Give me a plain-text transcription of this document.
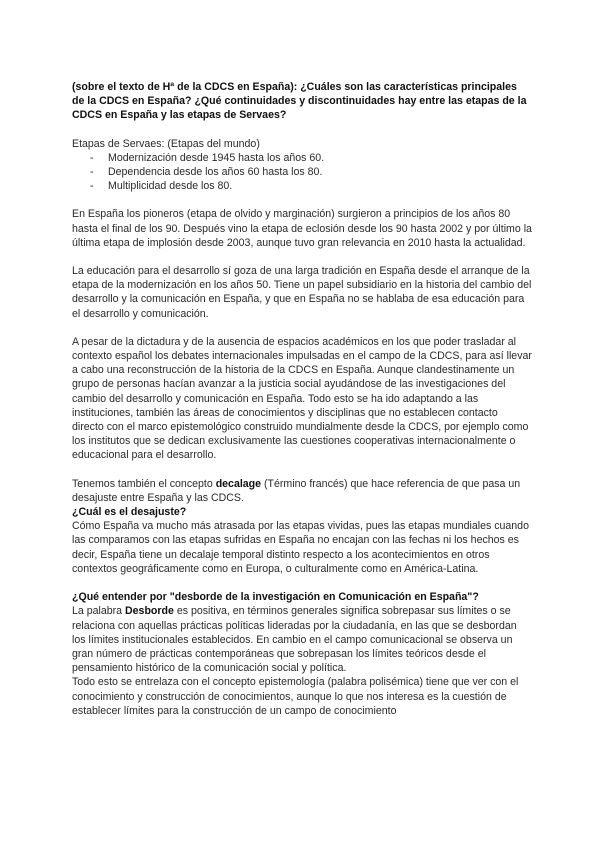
(sobre el texto de Hª de la CDCS en España): ¿Cuáles son las características principales de la CDCS en España? ¿Qué continuidades y discontinuidades hay entre las etapas de la CDCS en España y las etapas de Servaes?

Etapas de Servaes: (Etapas del mundo)

- Modernización desde 1945 hasta los años 60.
- Dependencia desde los años 60 hasta los 80.
- Multiplicidad desde los 80.

En España los pioneros (etapa de olvido y marginación) surgieron a principios de los años 80 hasta el final de los 90. Después vino la etapa de eclosión desde los 90 hasta 2002 y por último la última etapa de implosión desde 2003, aunque tuvo gran relevancia en 2010 hasta la actualidad.

La educación para el desarrollo sí goza de una larga tradición en España desde el arranque de la etapa de la modernización en los años 50. Tiene un papel subsidiario en la historia del cambio del desarrollo y la comunicación en España, y que en España no se hablaba de esa educación para el desarrollo y comunicación.

A pesar de la dictadura y de la ausencia de espacios académicos en los que poder trasladar al contexto español los debates internacionales impulsadas en el campo de la CDCS, para así llevar a cabo una reconstrucción de la historia de la CDCS en España. Aunque clandestinamente un grupo de personas hacían avanzar a la justicia social ayudándose de las investigaciones del cambio del desarrollo y comunicación en España. Todo esto se ha ido adaptando a las instituciones, también las áreas de conocimientos y disciplinas que no establecen contacto directo con el marco epistemológico construido mundialmente desde la CDCS, por ejemplo como los institutos que se dedican exclusivamente las cuestiones cooperativas internacionalmente o educacional para el desarrollo.

Tenemos también el concepto decalage (Término francés) que hace referencia de que pasa un desajuste entre España y las CDCS.

¿Cuál es el desajuste?

Cómo España va mucho más atrasada por las etapas vividas, pues las etapas mundiales cuando las comparamos con las etapas sufridas en España no encajan con las fechas ni los hechos es decir, España tiene un decalaje temporal distinto respecto a los acontecimientos en otros contextos geográficamente como en Europa, o culturalmente como en América-Latina.

¿Qué entender por "desborde de la investigación en Comunicación en España"?

La palabra Desborde es positiva, en términos generales significa sobrepasar sus límites o se relaciona con aquellas prácticas políticas lideradas por la ciudadanía, en las que se desbordan los límites institucionales establecidos. En cambio en el campo comunicacional se observa un gran número de prácticas contemporáneas que sobrepasan los límites teóricos desde el pensamiento histórico de la comunicación social y política.

Todo esto se entrelaza con el concepto epistemología (palabra polisémica) tiene que ver con el conocimiento y construcción de conocimientos, aunque lo que nos interesa es la cuestión de establecer límites para la construcción de un campo de conocimiento
